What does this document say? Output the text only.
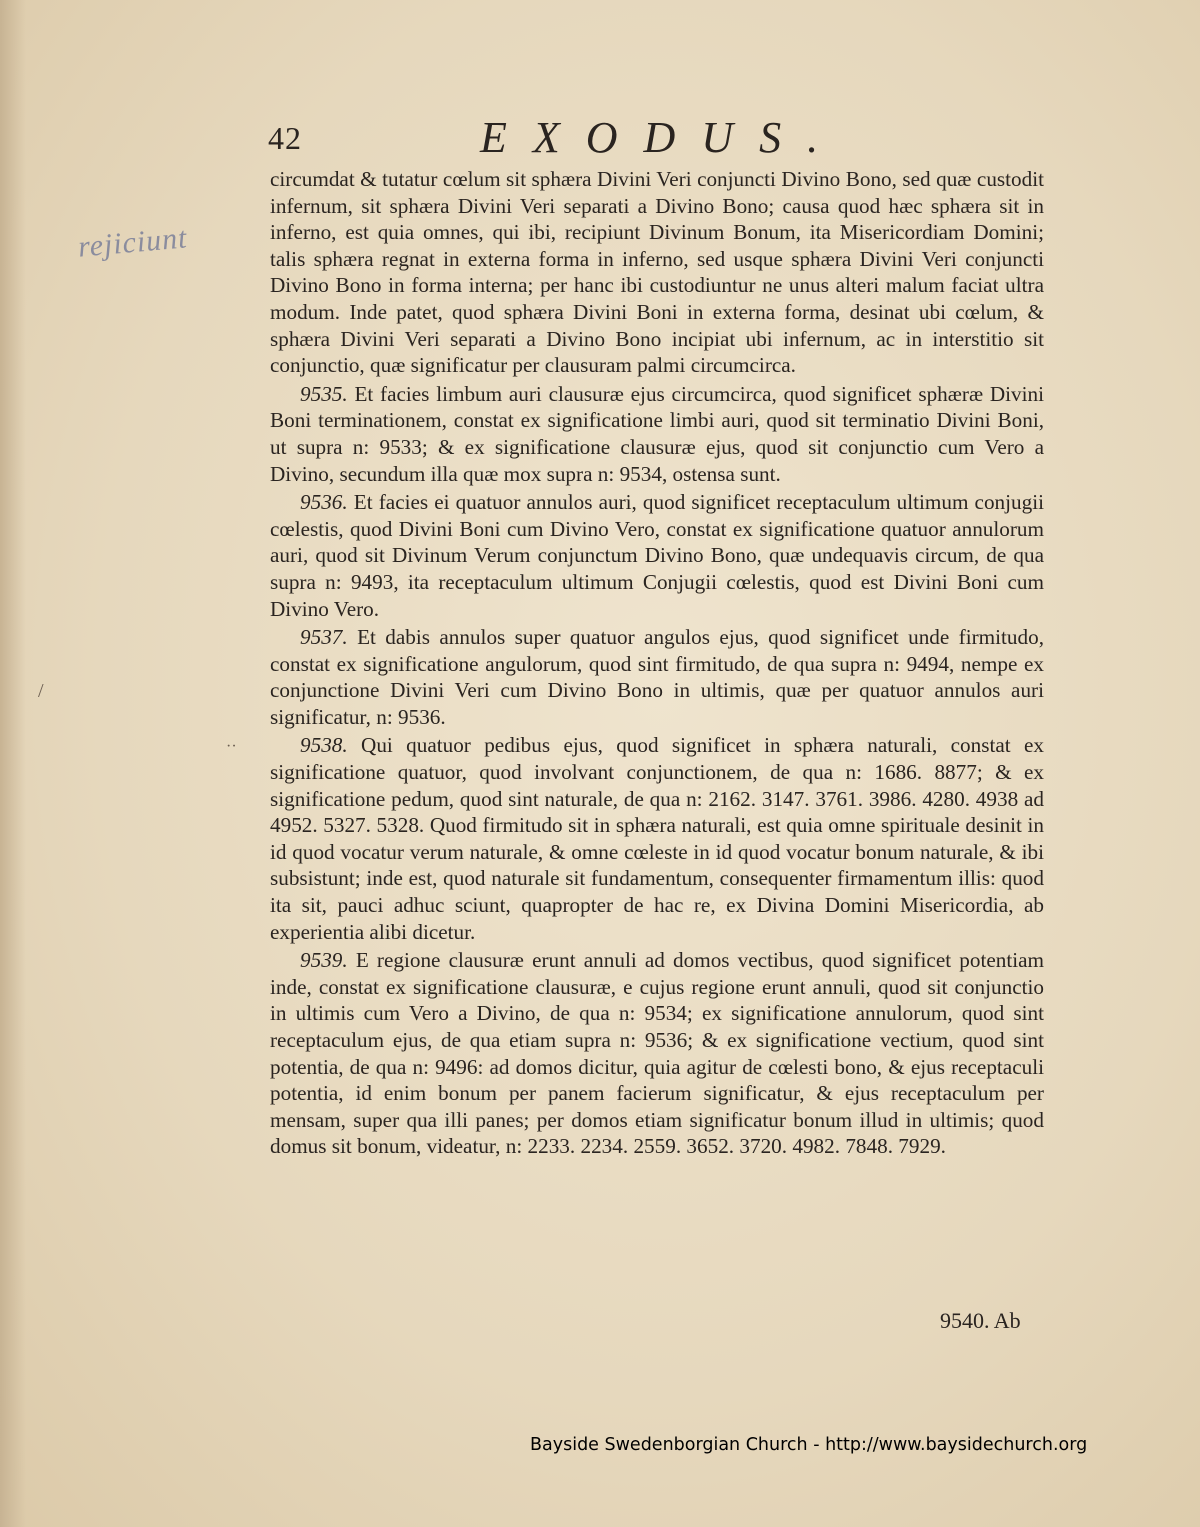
42	EXODUS.

rejiciunt
/
··

circumdat & tutatur cœlum sit sphæra Divini Veri conjuncti Divino Bono, sed quæ custodit infernum, sit sphæra Divini Veri separati a Divino Bono; causa quod hæc sphæra sit in inferno, est quia omnes, qui ibi, recipiunt Divinum Bonum, ita Misericordiam Domini; talis sphæra regnat in externa forma in inferno, sed usque sphæra Divini Veri conjuncti Divino Bono in forma interna; per hanc ibi custodiuntur ne unus alteri malum faciat ultra modum. Inde patet, quod sphæra Divini Boni in externa forma, desinat ubi cœlum, & sphæra Divini Veri separati a Divino Bono incipiat ubi infernum, ac in interstitio sit conjunctio, quæ significatur per clausuram palmi circumcirca.

9535. Et facies limbum auri clausuræ ejus circumcirca, quod significet sphæræ Divini Boni terminationem, constat ex significatione limbi auri, quod sit terminatio Divini Boni, ut supra n: 9533; & ex significatione clausuræ ejus, quod sit conjunctio cum Vero a Divino, secundum illa quæ mox supra n: 9534, ostensa sunt.

9536. Et facies ei quatuor annulos auri, quod significet receptaculum ultimum conjugii cœlestis, quod Divini Boni cum Divino Vero, constat ex significatione quatuor annulorum auri, quod sit Divinum Verum conjunctum Divino Bono, quæ undequavis circum, de qua supra n: 9493, ita receptaculum ultimum Conjugii cœlestis, quod est Divini Boni cum Divino Vero.

9537. Et dabis annulos super quatuor angulos ejus, quod significet unde firmitudo, constat ex significatione angulorum, quod sint firmitudo, de qua supra n: 9494, nempe ex conjunctione Divini Veri cum Divino Bono in ultimis, quæ per quatuor annulos auri significatur, n: 9536.

9538. Qui quatuor pedibus ejus, quod significet in sphæra naturali, constat ex significatione quatuor, quod involvant conjunctionem, de qua n: 1686. 8877; & ex significatione pedum, quod sint naturale, de qua n: 2162. 3147. 3761. 3986. 4280. 4938 ad 4952. 5327. 5328. Quod firmitudo sit in sphæra naturali, est quia omne spirituale desinit in id quod vocatur verum naturale, & omne cœleste in id quod vocatur bonum naturale, & ibi subsistunt; inde est, quod naturale sit fundamentum, consequenter firmamentum illis: quod ita sit, pauci adhuc sciunt, quapropter de hac re, ex Divina Domini Misericordia, ab experientia alibi dicetur.

9539. E regione clausuræ erunt annuli ad domos vectibus, quod significet potentiam inde, constat ex significatione clausuræ, e cujus regione erunt annuli, quod sit conjunctio in ultimis cum Vero a Divino, de qua n: 9534; ex significatione annulorum, quod sint receptaculum ejus, de qua etiam supra n: 9536; & ex significatione vectium, quod sint potentia, de qua n: 9496: ad domos dicitur, quia agitur de cœlesti bono, & ejus receptaculi potentia, id enim bonum per panem facierum significatur, & ejus receptaculum per mensam, super qua illi panes; per domos etiam significatur bonum illud in ultimis; quod domus sit bonum, videatur, n: 2233. 2234. 2559. 3652. 3720. 4982. 7848. 7929.

9540. Ab
Bayside Swedenborgian Church - http://www.baysidechurch.org
